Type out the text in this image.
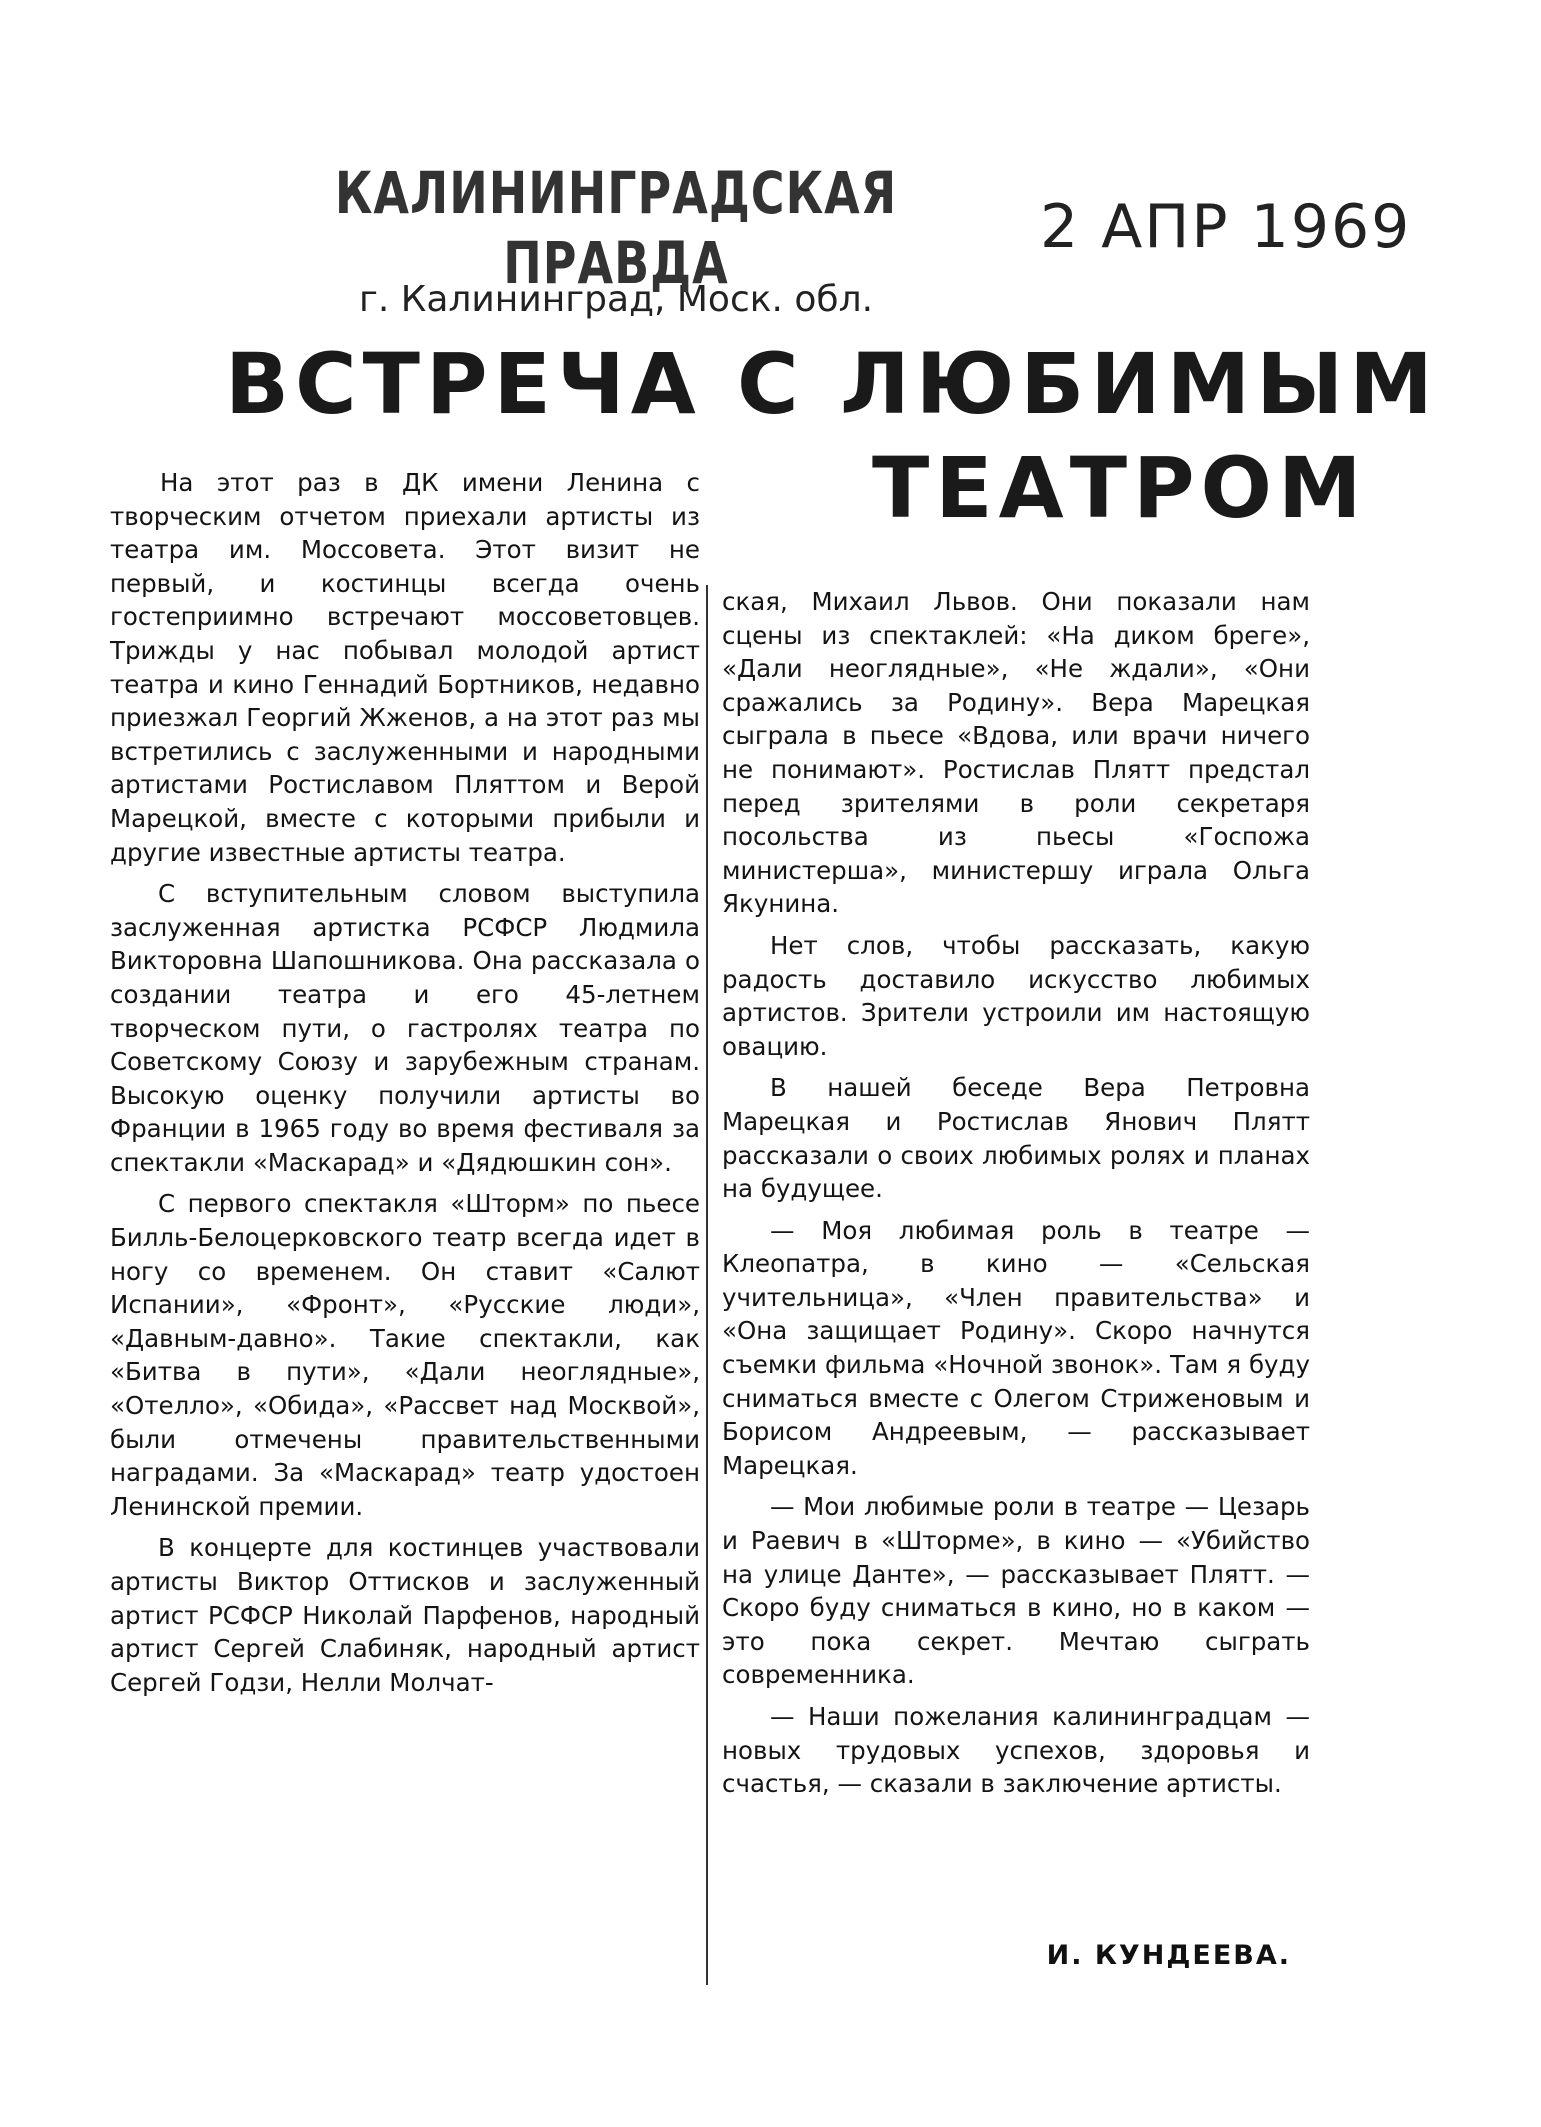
КАЛИНИНГРАДСКАЯ ПРАВДА
г. Калининград, Моск. обл.
2 АПР 1969
ВСТРЕЧА С ЛЮБИМЫМ
ТЕАТРОМ

На этот раз в ДК имени Ленина с творческим отчетом приехали артисты из театра им. Моссовета. Этот визит не первый, и костинцы всегда очень гостеприимно встречают моссоветовцев. Трижды у нас побывал молодой артист театра и кино Геннадий Бортников, недавно приезжал Георгий Жженов, а на этот раз мы встретились с заслуженными и народными артистами Ростиславом Пляттом и Верой Марецкой, вместе с которыми прибыли и другие известные артисты театра.

С вступительным словом выступила заслуженная артистка РСФСР Людмила Викторовна Шапошникова. Она рассказала о создании театра и его 45-летнем творческом пути, о гастролях театра по Советскому Союзу и зарубежным странам. Высокую оценку получили артисты во Франции в 1965 году во время фестиваля за спектакли «Маскарад» и «Дядюшкин сон».

С первого спектакля «Шторм» по пьесе Билль-Белоцерковского театр всегда идет в ногу со временем. Он ставит «Салют Испании», «Фронт», «Русские люди», «Давным-давно». Такие спектакли, как «Битва в пути», «Дали неоглядные», «Отелло», «Обида», «Рассвет над Москвой», были отмечены правительственными наградами. За «Маскарад» театр удостоен Ленинской премии.

В концерте для костинцев участвовали артисты Виктор Оттисков и заслуженный артист РСФСР Николай Парфенов, народный артист Сергей Слабиняк, народный артист Сергей Годзи, Нелли Молчат-

ская, Михаил Львов. Они показали нам сцены из спектаклей: «На диком бреге», «Дали неоглядные», «Не ждали», «Они сражались за Родину». Вера Марецкая сыграла в пьесе «Вдова, или врачи ничего не понимают». Ростислав Плятт предстал перед зрителями в роли секретаря посольства из пьесы «Госпожа министерша», министершу играла Ольга Якунина.

Нет слов, чтобы рассказать, какую радость доставило искусство любимых артистов. Зрители устроили им настоящую овацию.

В нашей беседе Вера Петровна Марецкая и Ростислав Янович Плятт рассказали о своих любимых ролях и планах на будущее.

— Моя любимая роль в театре — Клеопатра, в кино — «Сельская учительница», «Член правительства» и «Она защищает Родину». Скоро начнутся съемки фильма «Ночной звонок». Там я буду сниматься вместе с Олегом Стриженовым и Борисом Андреевым, — рассказывает Марецкая.

— Мои любимые роли в театре — Цезарь и Раевич в «Шторме», в кино — «Убийство на улице Данте», — рассказывает Плятт. — Скоро буду сниматься в кино, но в каком — это пока секрет. Мечтаю сыграть современника.

— Наши пожелания калининградцам — новых трудовых успехов, здоровья и счастья, — сказали в заключение артисты.

И. КУНДЕЕВА.
